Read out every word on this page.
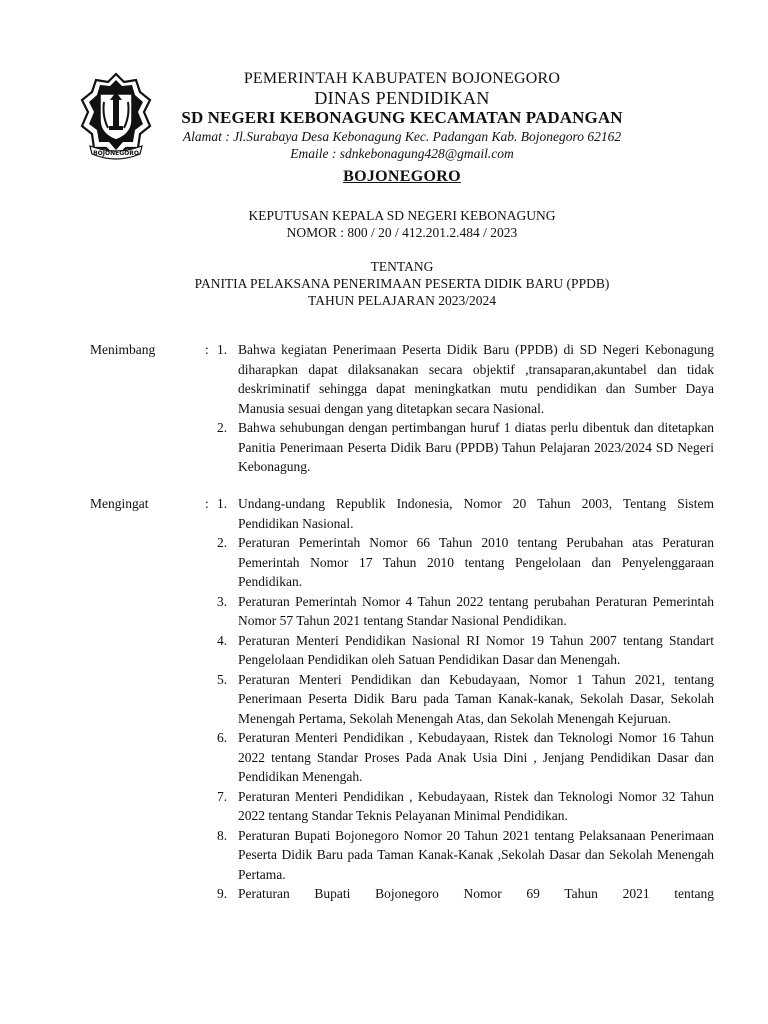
BOJONEGORO
PEMERINTAH KABUPATEN BOJONEGORO
DINAS PENDIDIKAN
SD NEGERI KEBONAGUNG KECAMATAN PADANGAN
Alamat : Jl.Surabaya Desa Kebonagung Kec. Padangan Kab. Bojonegoro 62162
Emaile : sdnkebonagung428@gmail.com
BOJONEGORO
KEPUTUSAN KEPALA SD NEGERI KEBONAGUNG
NOMOR : 800 / 20 / 412.201.2.484 / 2023
TENTANG
PANITIA PELAKSANA PENERIMAAN PESERTA DIDIK BARU (PPDB)
TAHUN PELAJARAN 2023/2024
Menimbang	: 1. Bahwa kegiatan Penerimaan Peserta Didik Baru (PPDB) di SD Negeri Kebonagung diharapkan dapat dilaksanakan secara objektif ,transaparan,akuntabel dan tidak deskriminatif sehingga dapat meningkatkan mutu pendidikan dan Sumber Daya Manusia sesuai dengan yang ditetapkan secara Nasional.
2. Bahwa sehubungan dengan pertimbangan huruf 1 diatas perlu dibentuk dan ditetapkan Panitia Penerimaan Peserta Didik Baru (PPDB) Tahun Pelajaran 2023/2024 SD Negeri Kebonagung.
Mengingat	: 1. Undang-undang Republik Indonesia, Nomor 20 Tahun 2003, Tentang Sistem Pendidikan Nasional.
2. Peraturan Pemerintah Nomor 66 Tahun 2010 tentang Perubahan atas Peraturan Pemerintah Nomor 17 Tahun 2010 tentang Pengelolaan dan Penyelenggaraan Pendidikan.
3. Peraturan Pemerintah Nomor 4 Tahun 2022 tentang perubahan Peraturan Pemerintah Nomor 57 Tahun 2021 tentang Standar Nasional Pendidikan.
4. Peraturan Menteri Pendidikan Nasional RI Nomor 19 Tahun 2007 tentang Standart Pengelolaan Pendidikan oleh Satuan Pendidikan Dasar dan Menengah.
5. Peraturan Menteri Pendidikan dan Kebudayaan, Nomor 1 Tahun 2021, tentang Penerimaan Peserta Didik Baru pada Taman Kanak-kanak, Sekolah Dasar, Sekolah Menengah Pertama, Sekolah Menengah Atas, dan Sekolah Menengah Kejuruan.
6. Peraturan Menteri Pendidikan , Kebudayaan, Ristek dan Teknologi Nomor 16 Tahun 2022 tentang Standar Proses Pada Anak Usia Dini , Jenjang Pendidikan Dasar dan Pendidikan Menengah.
7. Peraturan Menteri Pendidikan , Kebudayaan, Ristek dan Teknologi Nomor 32 Tahun 2022 tentang Standar Teknis Pelayanan Minimal Pendidikan.
8. Peraturan Bupati Bojonegoro Nomor 20 Tahun 2021 tentang Pelaksanaan Penerimaan Peserta Didik Baru pada Taman Kanak-Kanak ,Sekolah Dasar dan Sekolah Menengah Pertama.
9. Peraturan Bupati Bojonegoro Nomor 69 Tahun 2021 tentang
